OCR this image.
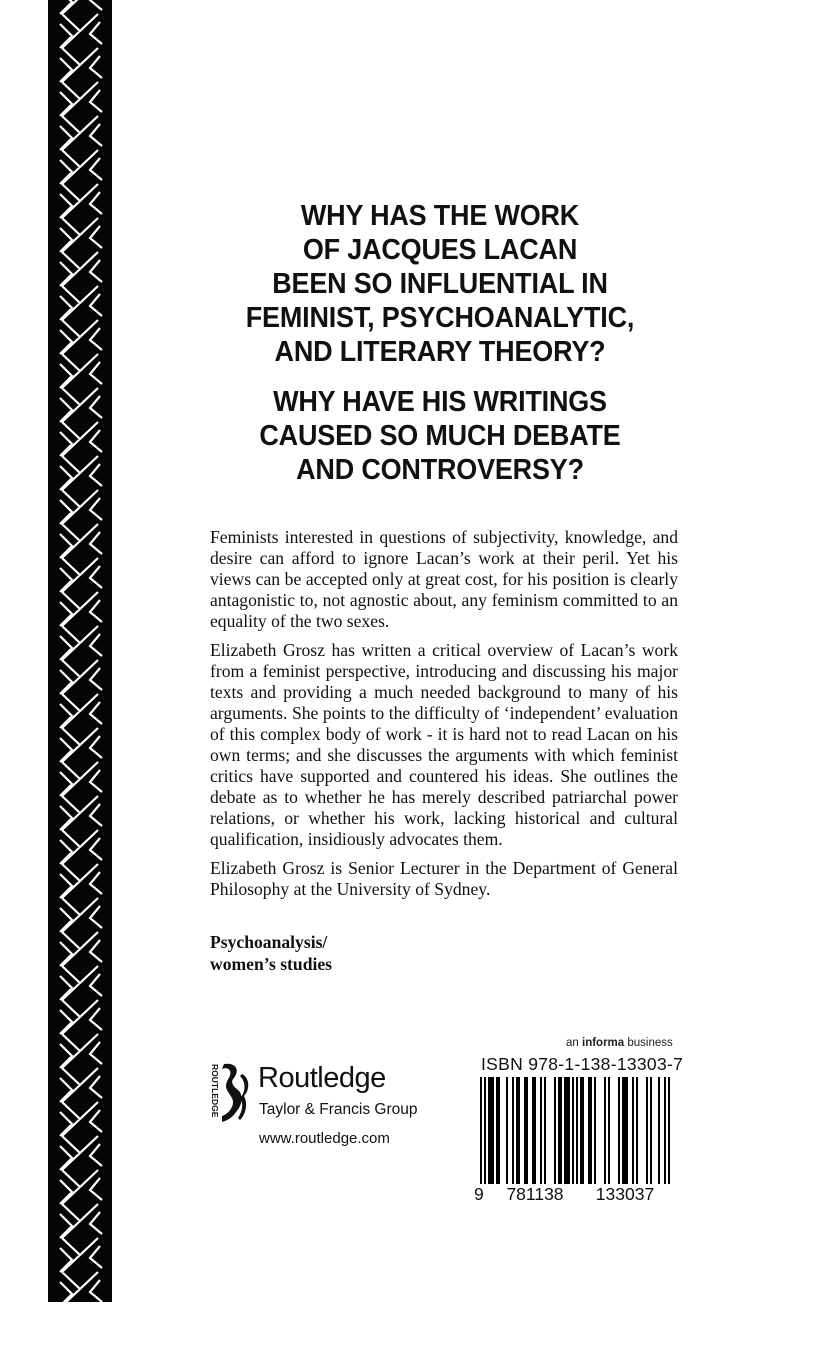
WHY HAS THE WORK
OF JACQUES LACAN
BEEN SO INFLUENTIAL IN
FEMINIST, PSYCHOANALYTIC,
AND LITERARY THEORY?
WHY HAVE HIS WRITINGS
CAUSED SO MUCH DEBATE
AND CONTROVERSY?

Feminists interested in questions of subjectivity, knowledge, and desire can afford to ignore Lacan’s work at their peril. Yet his views can be accepted only at great cost, for his position is clearly antagonistic to, not agnostic about, any feminism committed to an equality of the two sexes.

Elizabeth Grosz has written a critical overview of Lacan’s work from a feminist perspective, introducing and discussing his major texts and providing a much needed background to many of his arguments. She points to the difficulty of ‘independent’ evaluation of this complex body of work - it is hard not to read Lacan on his own terms; and she discusses the arguments with which feminist critics have supported and countered his ideas. She outlines the debate as to whether he has merely described patriarchal power relations, or whether his work, lacking historical and cultural qualification, insidiously advocates them.

Elizabeth Grosz is Senior Lecturer in the Department of General Philosophy at the University of Sydney.

Psychoanalysis/
women’s studies
ROUTLEDGE Routledge
Taylor & Francis Group
www.routledge.com
an informa business
ISBN 978-1-138-13303-7
9	781138	133037
